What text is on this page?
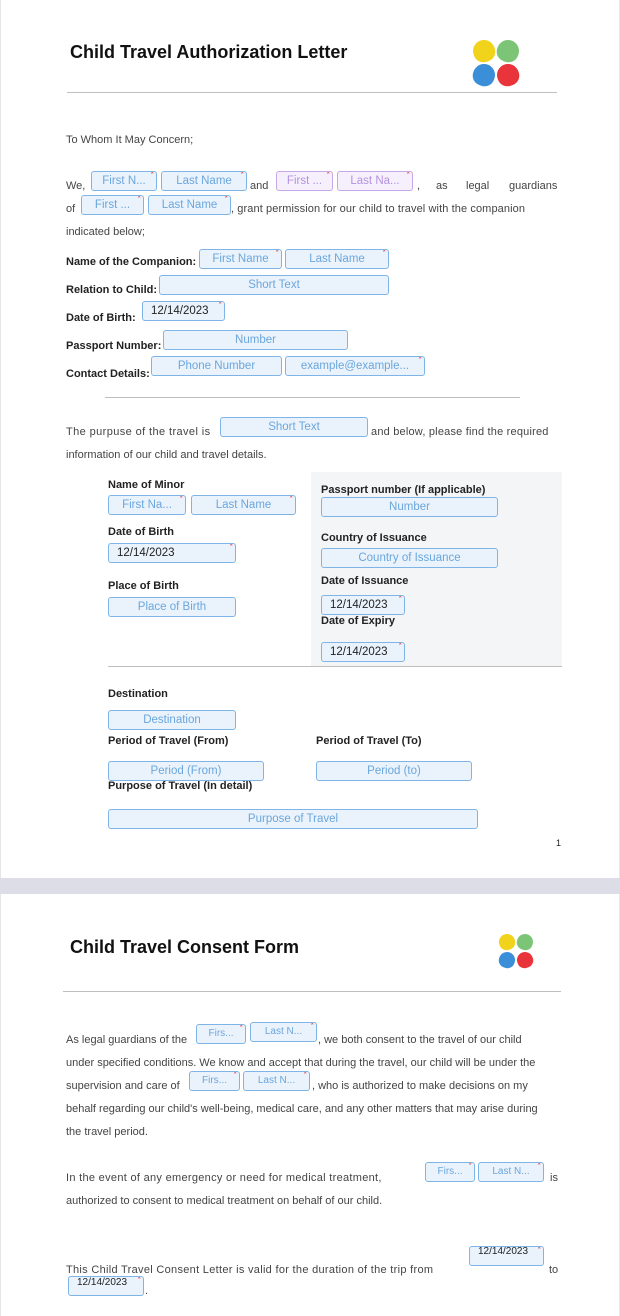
Child Travel Authorization Letter
To Whom It May Concern;
We,	First N...
*
Last Name
*
and	First ...
*
Last Na...
*
, as legal guardians
of	First ...
*
Last Name
*
, grant permission for our child to travel with the companion
indicated below;
Name of the Companion:	First Name
*
Last Name
*
Relation to Child:	Short Text
Date of Birth:
12/14/2023
*
Passport Number:	Number
Contact Details:
Phone Number	example@example...
*
The purpuse of the travel is	Short Text	and below, please find the required
information of our child and travel details.
Name of Minor
First Na...
*
Last Name
*
Date of Birth
12/14/2023
*
Place of Birth
Place of Birth
Passport number (If applicable)
Number
Country of Issuance
Country of Issuance
Date of Issuance
12/14/2023
*
Date of Expiry
12/14/2023
*
Destination
Destination
Period of Travel (From)
Period (From)
Period of Travel (To)
Period (to)
Purpose of Travel (In detail)
Purpose of Travel
1
Child Travel Consent Form
As legal guardians of the
Firs...
*	Last N...
*
, we both consent to the travel of our child
under specified conditions. We know and accept that during the travel, our child will be under the
supervision and care of	Firs...
*
Last N...
*
, who is authorized to make decisions on my
behalf regarding our child's well-being, medical care, and any other matters that may arise during
the travel period.
In the event of any emergency or need for medical treatment,
Firs...
*
Last N...
*
is
authorized to consent to medical treatment on behalf of our child.
This Child Travel Consent Letter is valid for the duration of the trip from
12/14/2023 *
to
12/14/2023 *
.
